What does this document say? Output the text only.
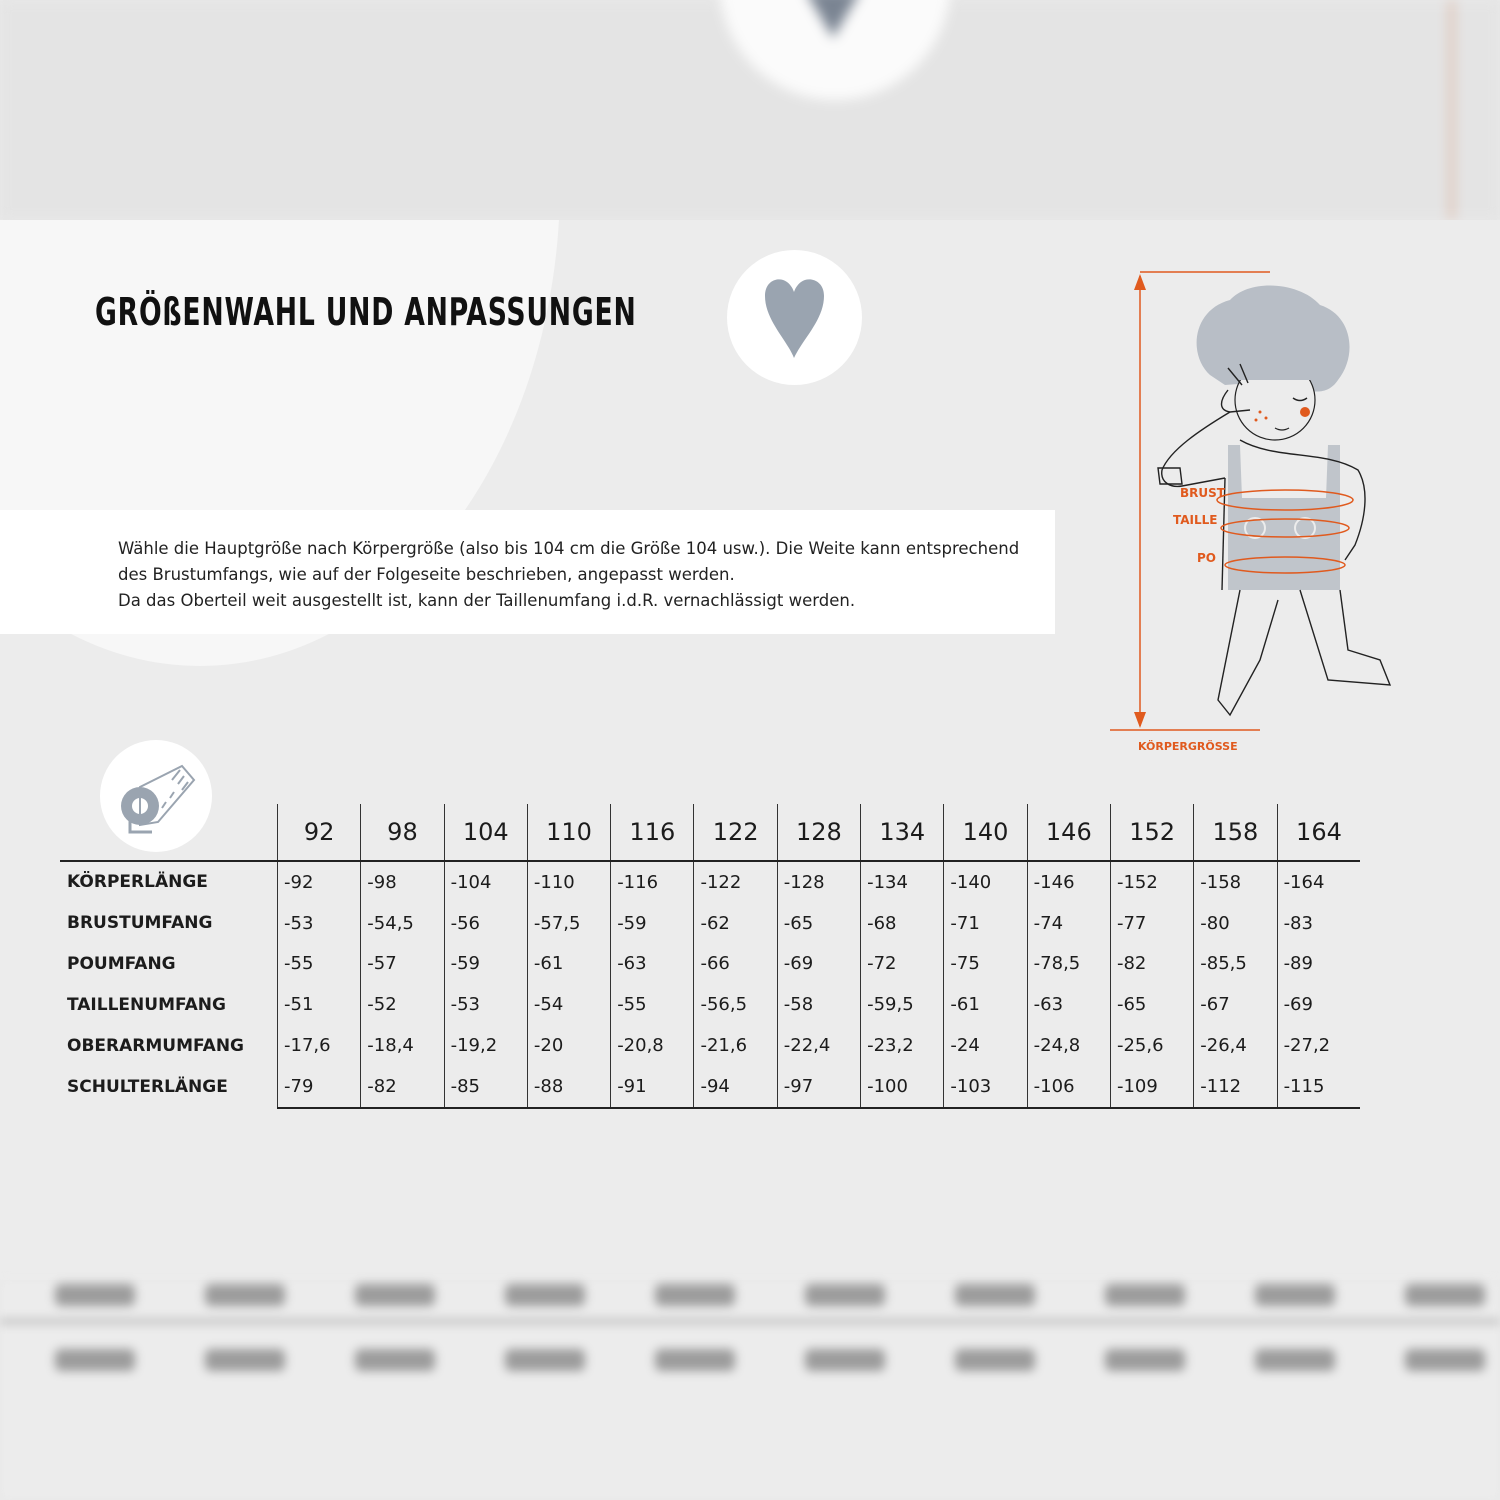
GRÖßENWAHL UND ANPASSUNGEN

Wähle die Hauptgröße nach Körpergröße (also bis 104 cm die Größe 104 usw.). Die Weite kann entsprechend
des Brustumfangs, wie auf der Folgeseite beschrieben, angepasst werden.
Da das Oberteil weit ausgestellt ist, kann der Taillenumfang i.d.R. vernachlässigt werden.

KÖRPERGRÖSSE
BRUST
TAILLE
PO
	92	98	104	110	116	122	128	134	140	146	152	158	164
KÖRPERLÄNGE	-92	-98	-104	-110	-116	-122	-128	-134	-140	-146	-152	-158	-164
BRUSTUMFANG	-53	-54,5	-56	-57,5	-59	-62	-65	-68	-71	-74	-77	-80	-83
POUMFANG	-55	-57	-59	-61	-63	-66	-69	-72	-75	-78,5	-82	-85,5	-89
TAILLENUMFANG	-51	-52	-53	-54	-55	-56,5	-58	-59,5	-61	-63	-65	-67	-69
OBERARMUMFANG	-17,6	-18,4	-19,2	-20	-20,8	-21,6	-22,4	-23,2	-24	-24,8	-25,6	-26,4	-27,2
SCHULTERLÄNGE	-79	-82	-85	-88	-91	-94	-97	-100	-103	-106	-109	-112	-115
